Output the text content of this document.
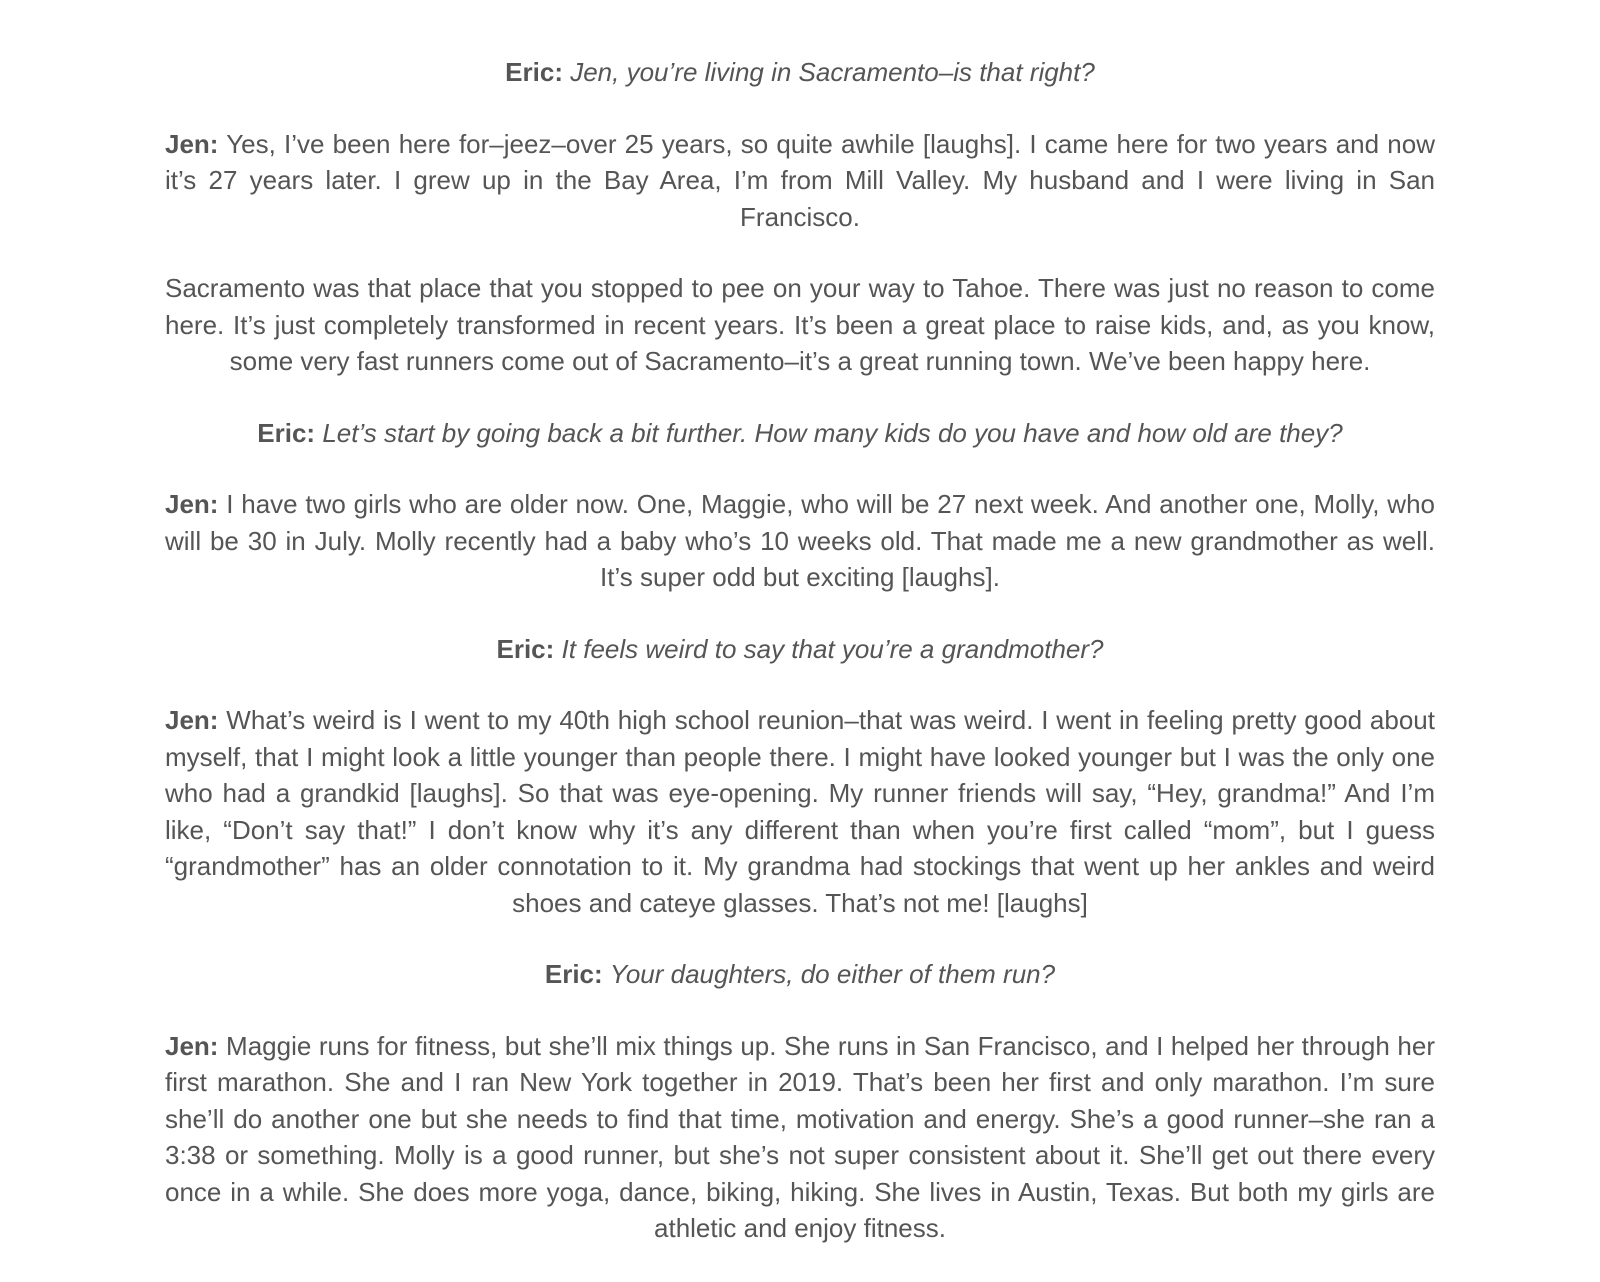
Eric: Jen, you’re living in Sacramento–is that right?

Jen: Yes, I’ve been here for–jeez–over 25 years, so quite awhile [laughs]. I came here for two years and now it’s 27 years later. I grew up in the Bay Area, I’m from Mill Valley. My husband and I were living in San Francisco.

Sacramento was that place that you stopped to pee on your way to Tahoe. There was just no reason to come here. It’s just completely transformed in recent years. It’s been a great place to raise kids, and, as you know, some very fast runners come out of Sacramento–it’s a great running town. We’ve been happy here.

Eric: Let’s start by going back a bit further. How many kids do you have and how old are they?

Jen: I have two girls who are older now. One, Maggie, who will be 27 next week. And another one, Molly, who will be 30 in July. Molly recently had a baby who’s 10 weeks old. That made me a new grandmother as well. It’s super odd but exciting [laughs].

Eric: It feels weird to say that you’re a grandmother?

Jen: What’s weird is I went to my 40th high school reunion–that was weird. I went in feeling pretty good about myself, that I might look a little younger than people there. I might have looked younger but I was the only one who had a grandkid [laughs]. So that was eye-opening. My runner friends will say, “Hey, grandma!” And I’m like, “Don’t say that!” I don’t know why it’s any different than when you’re first called “mom”, but I guess “grandmother” has an older connotation to it. My grandma had stockings that went up her ankles and weird shoes and cateye glasses. That’s not me! [laughs]

Eric: Your daughters, do either of them run?

Jen: Maggie runs for fitness, but she’ll mix things up. She runs in San Francisco, and I helped her through her first marathon. She and I ran New York together in 2019. That’s been her first and only marathon. I’m sure she’ll do another one but she needs to find that time, motivation and energy. She’s a good runner–she ran a 3:38 or something. Molly is a good runner, but she’s not super consistent about it. She’ll get out there every once in a while. She does more yoga, dance, biking, hiking. She lives in Austin, Texas. But both my girls are athletic and enjoy fitness.
